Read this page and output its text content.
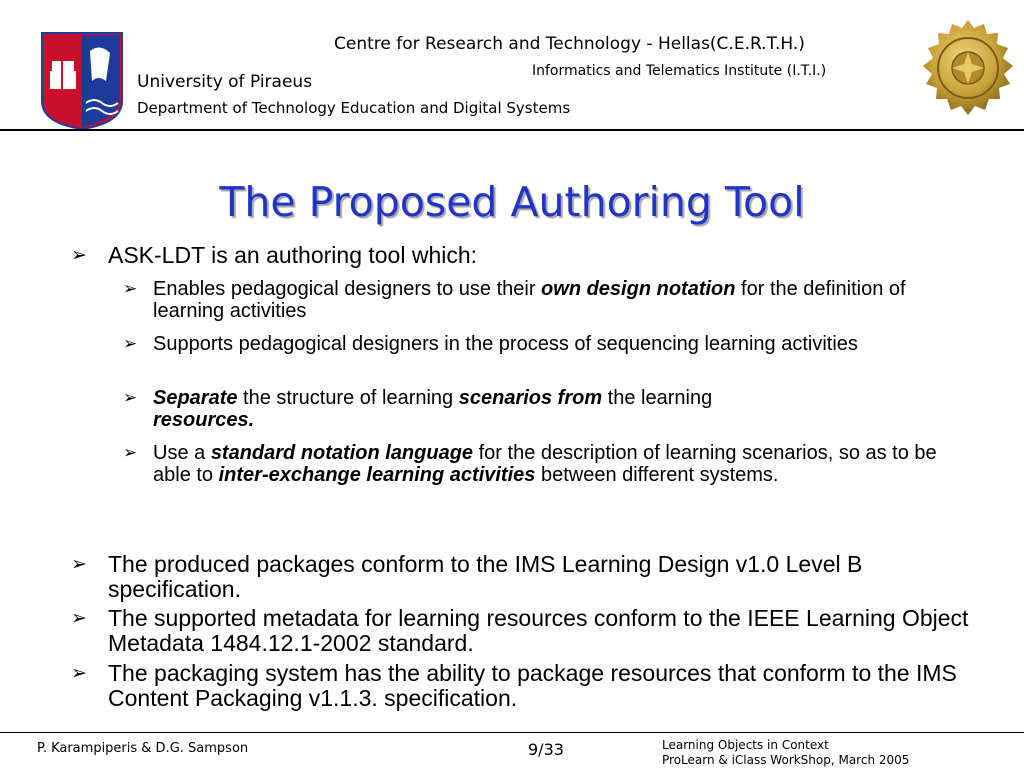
Centre for Research and Technology - Hellas(C.E.R.T.H.)
Informatics and Telematics Institute (I.T.I.)
University of Piraeus
Department of Technology Education and Digital Systems
The Proposed Authoring Tool
➢ ASK-LDT is an authoring tool which:
➢ Enables pedagogical designers to use their own design notation for the definition of learning activities
➢ Supports pedagogical designers in the process of sequencing learning activities
➢ Separate the structure of learning scenarios from the learning
resources.
➢ Use a standard notation language for the description of learning scenarios, so as to be able to inter-exchange learning activities between different systems.
➢ The produced packages conform to the IMS Learning Design v1.0 Level B specification.
➢ The supported metadata for learning resources conform to the IEEE Learning Object Metadata 1484.12.1-2002 standard.
➢ The packaging system has the ability to package resources that conform to the IMS Content Packaging v1.1.3. specification.
P. Karampiperis & D.G. Sampson	9/33	Learning Objects in Context
ProLearn & iClass WorkShop, March 2005
